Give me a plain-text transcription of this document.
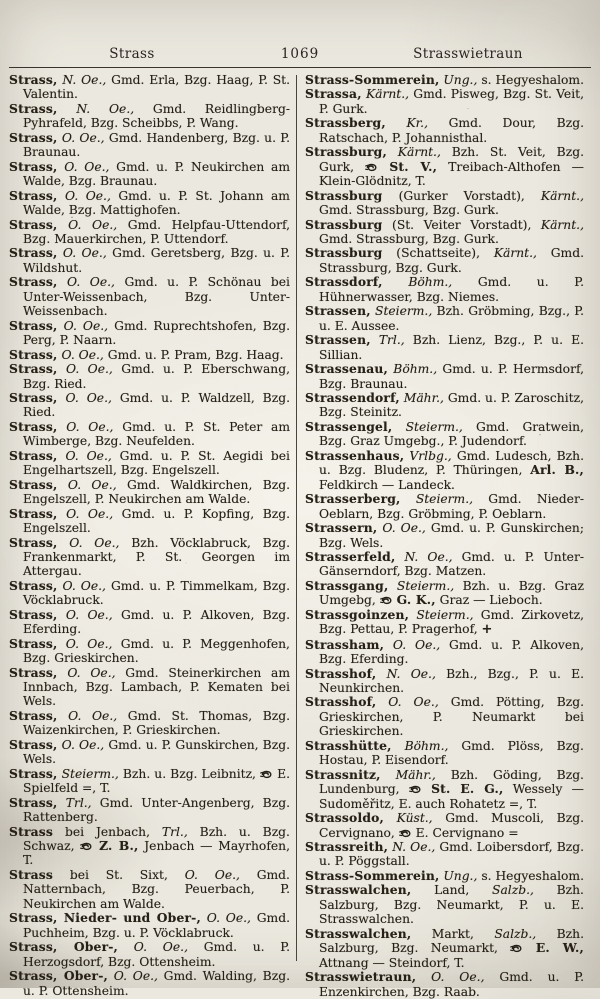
Strass	1069	Strasswietraun
Strass, N. Oe., Gmd. Erla, Bzg. Haag, P. St. Valentin.
Strass, N. Oe., Gmd. Reidlingberg-Pyhrafeld, Bzg. Scheibbs, P. Wang.
Strass, O. Oe., Gmd. Handenberg, Bzg. u. P. Braunau.
Strass, O. Oe., Gmd. u. P. Neukirchen am Walde, Bzg. Braunau.
Strass, O. Oe., Gmd. u. P. St. Johann am Walde, Bzg. Mattighofen.
Strass, O. Oe., Gmd. Helpfau-Uttendorf, Bzg. Mauerkirchen, P. Uttendorf.
Strass, O. Oe., Gmd. Geretsberg, Bzg. u. P. Wildshut.
Strass, O. Oe., Gmd. u. P. Schönau bei Unter-Weissenbach, Bzg. Unter-Weissenbach.
Strass, O. Oe., Gmd. Ruprechtshofen, Bzg. Perg, P. Naarn.
Strass, O. Oe., Gmd. u. P. Pram, Bzg. Haag.
Strass, O. Oe., Gmd. u. P. Eberschwang, Bzg. Ried.
Strass, O. Oe., Gmd. u. P. Waldzell, Bzg. Ried.
Strass, O. Oe., Gmd. u. P. St. Peter am Wimberge, Bzg. Neufelden.
Strass, O. Oe., Gmd. u. P. St. Aegidi bei Engelhartszell, Bzg. Engelszell.
Strass, O. Oe., Gmd. Waldkirchen, Bzg. Engelszell, P. Neukirchen am Walde.
Strass, O. Oe., Gmd. u. P. Kopfing, Bzg. Engelszell.
Strass, O. Oe., Bzh. Vöcklabruck, Bzg. Frankenmarkt, P. St. Georgen im Attergau.
Strass, O. Oe., Gmd. u. P. Timmelkam, Bzg. Vöcklabruck.
Strass, O. Oe., Gmd. u. P. Alkoven, Bzg. Eferding.
Strass, O. Oe., Gmd. u. P. Meggenhofen, Bzg. Grieskirchen.
Strass, O. Oe., Gmd. Steinerkirchen am Innbach, Bzg. Lambach, P. Kematen bei Wels.
Strass, O. Oe., Gmd. St. Thomas, Bzg. Waizenkirchen, P. Grieskirchen.
Strass, O. Oe., Gmd. u. P. Gunskirchen, Bzg. Wels.
Strass, Steierm., Bzh. u. Bzg. Leibnitz, E. Spielfeld =, T.
Strass, Trl., Gmd. Unter-Angenberg, Bzg. Rattenberg.
Strass bei Jenbach, Trl., Bzh. u. Bzg. Schwaz, Z. B., Jenbach — Mayrhofen, T.
Strass bei St. Sixt, O. Oe., Gmd. Natternbach, Bzg. Peuerbach, P. Neukirchen am Walde.
Strass, Nieder- und Ober-, O. Oe., Gmd. Puchheim, Bzg. u. P. Vöcklabruck.
Strass, Ober-, O. Oe., Gmd. u. P. Herzogsdorf, Bzg. Ottensheim.
Strass, Ober-, O. Oe., Gmd. Walding, Bzg. u. P. Ottensheim.
Strass-Sommerein, Ung., s. Hegyeshalom.
Strassa, Kärnt., Gmd. Pisweg, Bzg. St. Veit, P. Gurk.
Strassberg, Kr., Gmd. Dour, Bzg. Ratschach, P. Johannisthal.
Strassburg, Kärnt., Bzh. St. Veit, Bzg. Gurk,	St. V., Treibach-Althofen — Klein-Glödnitz, T.
Strassburg (Gurker Vorstadt), Kärnt., Gmd. Strassburg, Bzg. Gurk.
Strassburg (St. Veiter Vorstadt), Kärnt., Gmd. Strassburg, Bzg. Gurk.
Strassburg (Schattseite), Kärnt., Gmd. Strassburg, Bzg. Gurk.
Strassdorf, Böhm., Gmd. u. P. Hühnerwasser, Bzg. Niemes.
Strassen, Steierm., Bzh. Gröbming, Bzg., P. u. E. Aussee.
Strassen, Trl., Bzh. Lienz, Bzg., P. u. E. Sillian.
Strassenau, Böhm., Gmd. u. P. Hermsdorf, Bzg. Braunau.
Strassendorf, Mähr., Gmd. u. P. Zaroschitz, Bzg. Steinitz.
Strassengel, Steierm., Gmd. Gratwein, Bzg. Graz Umgebg., P. Judendorf.
Strassenhaus, Vrlbg., Gmd. Ludesch, Bzh. u. Bzg. Bludenz, P. Thüringen, Arl. B., Feldkirch — Landeck.
Strasserberg, Steierm., Gmd. Nieder-Oeblarn, Bzg. Gröbming, P. Oeblarn.
Strassern, O. Oe., Gmd. u. P. Gunskirchen; Bzg. Wels.
Strasserfeld, N. Oe., Gmd. u. P. Unter-Gänserndorf, Bzg. Matzen.
Strassgang, Steierm., Bzh. u. Bzg. Graz Umgebg, G. K., Graz — Lieboch.
Strassgoinzen, Steierm., Gmd. Zirkovetz, Bzg. Pettau, P. Pragerhof, +
Strassham, O. Oe., Gmd. u. P. Alkoven, Bzg. Eferding.
Strasshof, N. Oe., Bzh., Bzg., P. u. E. Neunkirchen.
Strasshof, O. Oe., Gmd. Pötting, Bzg. Grieskirchen, P. Neumarkt bei Grieskirchen.
Strasshütte, Böhm., Gmd. Plöss, Bzg. Hostau, P. Eisendorf.
Strassnitz, Mähr., Bzh. Göding, Bzg. Lundenburg,	St. E. G., Wessely — Sudoměřitz, E. auch Rohatetz =, T.
Strassoldo, Küst., Gmd. Muscoli, Bzg. Cervignano, E. Cervignano =
Strassreith, N. Oe., Gmd. Loibersdorf, Bzg. u. P. Pöggstall.
Strass-Sommerein, Ung., s. Hegyeshalom.
Strasswalchen, Land, Salzb., Bzh. Salzburg, Bzg. Neumarkt, P. u. E. Strasswalchen.
Strasswalchen, Markt, Salzb., Bzh. Salzburg, Bzg. Neumarkt,	E. W., Attnang — Steindorf, T.
Strasswietraun, O. Oe., Gmd. u. P. Enzenkirchen, Bzg. Raab.
